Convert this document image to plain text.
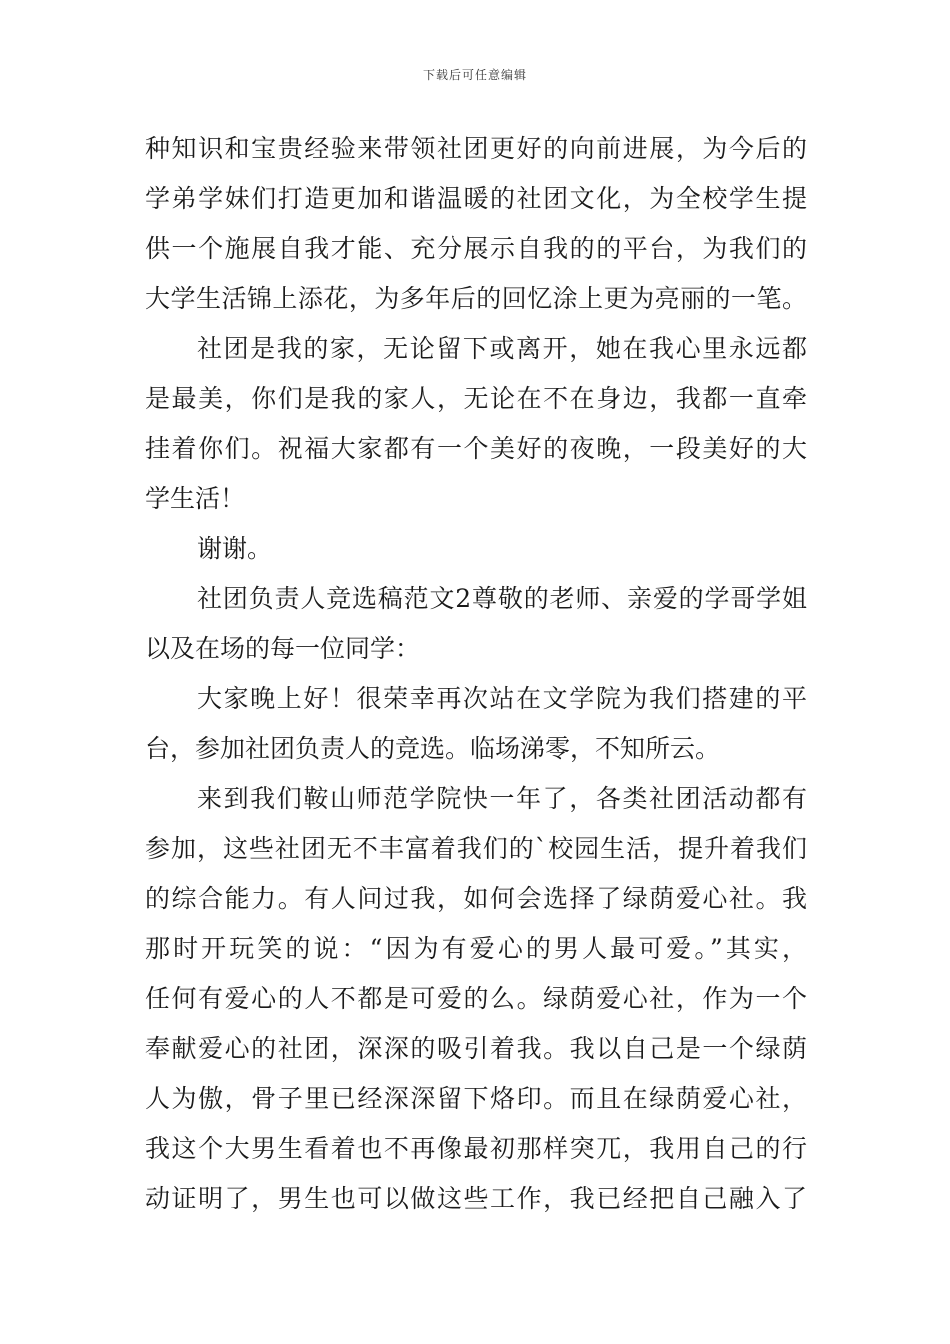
下载后可任意编辑
种知识和宝贵经验来带领社团更好的向前进展，为今后的
学弟学妹们打造更加和谐温暖的社团文化，为全校学生提
供一个施展自我才能、充分展示自我的的平台，为我们的
大学生活锦上添花，为多年后的回忆涂上更为亮丽的一笔。
社团是我的家，无论留下或离开，她在我心里永远都
是最美，你们是我的家人，无论在不在身边，我都一直牵
挂着你们。祝福大家都有一个美好的夜晚，一段美好的大
学生活！
谢谢。
社团负责人竞选稿范文2尊敬的老师、亲爱的学哥学姐
以及在场的每一位同学：
大家晚上好！很荣幸再次站在文学院为我们搭建的平
台，参加社团负责人的竞选。临场涕零，不知所云。
来到我们鞍山师范学院快一年了，各类社团活动都有
参加，这些社团无不丰富着我们的`校园生活，提升着我们
的综合能力。有人问过我，如何会选择了绿荫爱心社。我
那时开玩笑的说：“因为有爱心的男人最可爱。”其实，
任何有爱心的人不都是可爱的么。绿荫爱心社，作为一个
奉献爱心的社团，深深的吸引着我。我以自己是一个绿荫
人为傲，骨子里已经深深留下烙印。而且在绿荫爱心社，
我这个大男生看着也不再像最初那样突兀，我用自己的行
动证明了，男生也可以做这些工作，我已经把自己融入了
